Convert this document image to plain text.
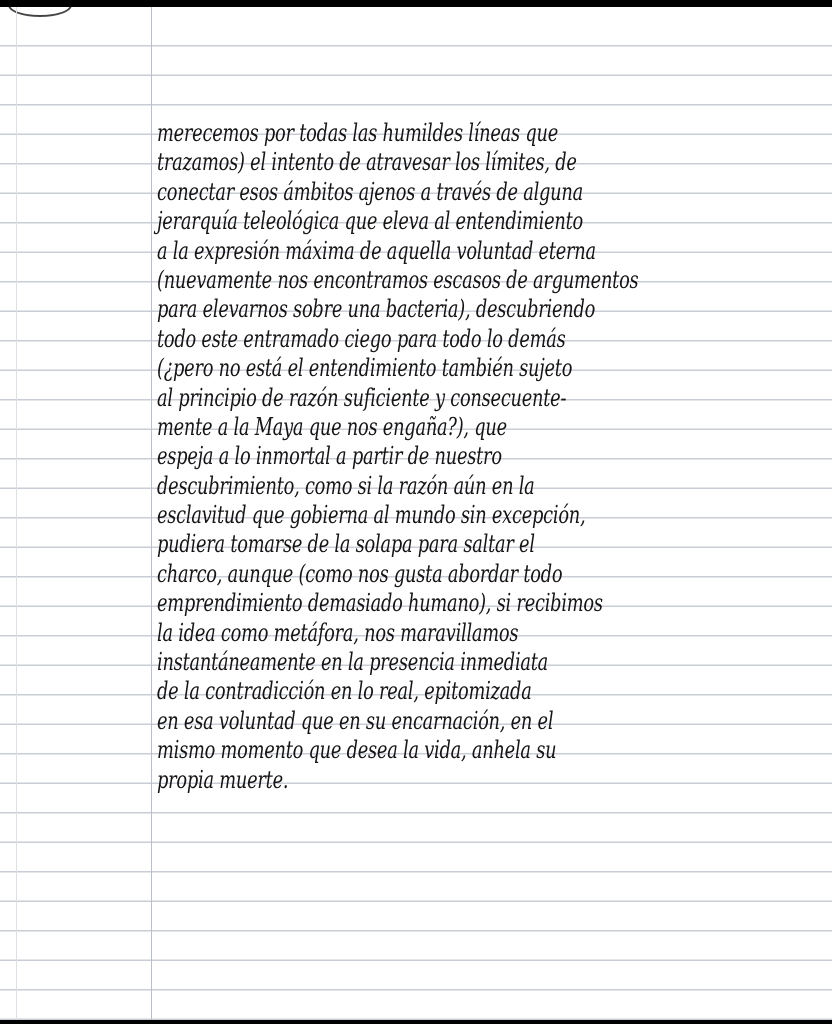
merecemos por todas las humildes líneas que
trazamos) el intento de atravesar los límites, de
conectar esos ámbitos ajenos a través de alguna
jerarquía teleológica que eleva al entendimiento
a la expresión máxima de aquella voluntad eterna
(nuevamente nos encontramos escasos de argumentos
para elevarnos sobre una bacteria), descubriendo
todo este entramado ciego para todo lo demás
(¿pero no está el entendimiento también sujeto
al principio de razón suficiente y consecuente-
mente a la Maya que nos engaña?), que
espeja a lo inmortal a partir de nuestro
descubrimiento, como si la razón aún en la
esclavitud que gobierna al mundo sin excepción,
pudiera tomarse de la solapa para saltar el
charco, aunque (como nos gusta abordar todo
emprendimiento demasiado humano), si recibimos
la idea como metáfora, nos maravillamos
instantáneamente en la presencia inmediata
de la contradicción en lo real, epitomizada
en esa voluntad que en su encarnación, en el
mismo momento que desea la vida, anhela su
propia muerte.
